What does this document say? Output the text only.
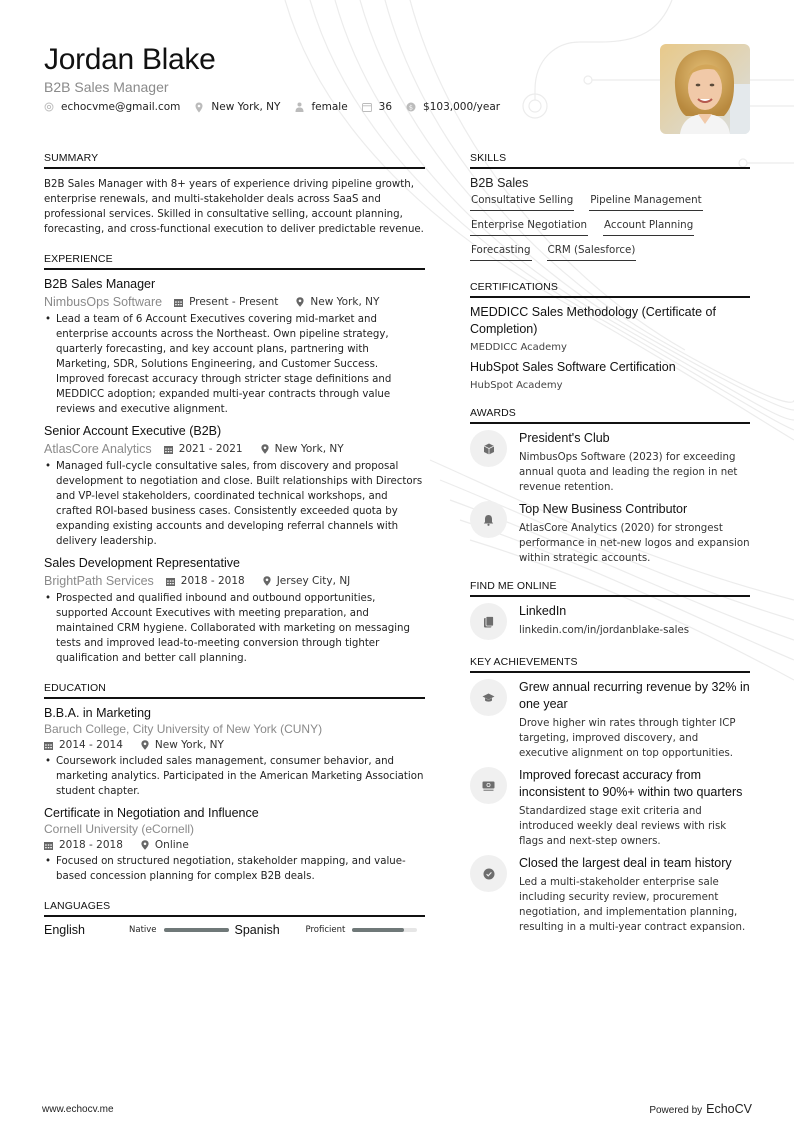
Jordan Blake
B2B Sales Manager
echocvme@gmail.com	New York, NY	female	36	$ $103,000/year
SUMMARY
B2B Sales Manager with 8+ years of experience driving pipeline growth, enterprise renewals, and multi-stakeholder deals across SaaS and professional services. Skilled in consultative selling, account planning, forecasting, and cross-functional execution to deliver predictable revenue.
EXPERIENCE
B2B Sales Manager
NimbusOps Software	Present - Present	New York, NY
• Lead a team of 6 Account Executives covering mid-market and enterprise accounts across the Northeast. Own pipeline strategy, quarterly forecasting, and key account plans, partnering with Marketing, SDR, Solutions Engineering, and Customer Success. Improved forecast accuracy through stricter stage definitions and MEDDICC adoption; expanded multi-year contracts through value reviews and executive alignment.
Senior Account Executive (B2B)
AtlasCore Analytics	2021 - 2021	New York, NY
• Managed full-cycle consultative sales, from discovery and proposal development to negotiation and close. Built relationships with Directors and VP-level stakeholders, coordinated technical workshops, and crafted ROI-based business cases. Consistently exceeded quota by expanding existing accounts and developing referral channels with delivery leadership.
Sales Development Representative
BrightPath Services	2018 - 2018	Jersey City, NJ
• Prospected and qualified inbound and outbound opportunities, supported Account Executives with meeting preparation, and maintained CRM hygiene. Collaborated with marketing on messaging tests and improved lead-to-meeting conversion through tighter qualification and better call planning.
EDUCATION
B.B.A. in Marketing
Baruch College, City University of New York (CUNY)
2014 - 2014	New York, NY
• Coursework included sales management, consumer behavior, and marketing analytics. Participated in the American Marketing Association student chapter.
Certificate in Negotiation and Influence
Cornell University (eCornell)
2018 - 2018	Online
• Focused on structured negotiation, stakeholder mapping, and value-based concession planning for complex B2B deals.
LANGUAGES
English	Native	Spanish	Proficient
SKILLS
B2B Sales
Consultative Selling Pipeline Management
Enterprise Negotiation Account Planning
Forecasting CRM (Salesforce)
CERTIFICATIONS
MEDDICC Sales Methodology (Certificate of Completion)
MEDDICC Academy
HubSpot Sales Software Certification
HubSpot Academy
AWARDS
President's Club
NimbusOps Software (2023) for exceeding annual quota and leading the region in net revenue retention.
Top New Business Contributor
AtlasCore Analytics (2020) for strongest performance in net-new logos and expansion within strategic accounts.
FIND ME ONLINE
LinkedIn
linkedin.com/in/jordanblake-sales
KEY ACHIEVEMENTS
Grew annual recurring revenue by 32% in one year
Drove higher win rates through tighter ICP targeting, improved discovery, and executive alignment on top opportunities.
Improved forecast accuracy from inconsistent to 90%+ within two quarters
Standardized stage exit criteria and introduced weekly deal reviews with risk flags and next-step owners.
Closed the largest deal in team history
Led a multi-stakeholder enterprise sale including security review, procurement negotiation, and implementation planning, resulting in a multi-year contract expansion.
www.echocv.me	Powered by EchoCV
